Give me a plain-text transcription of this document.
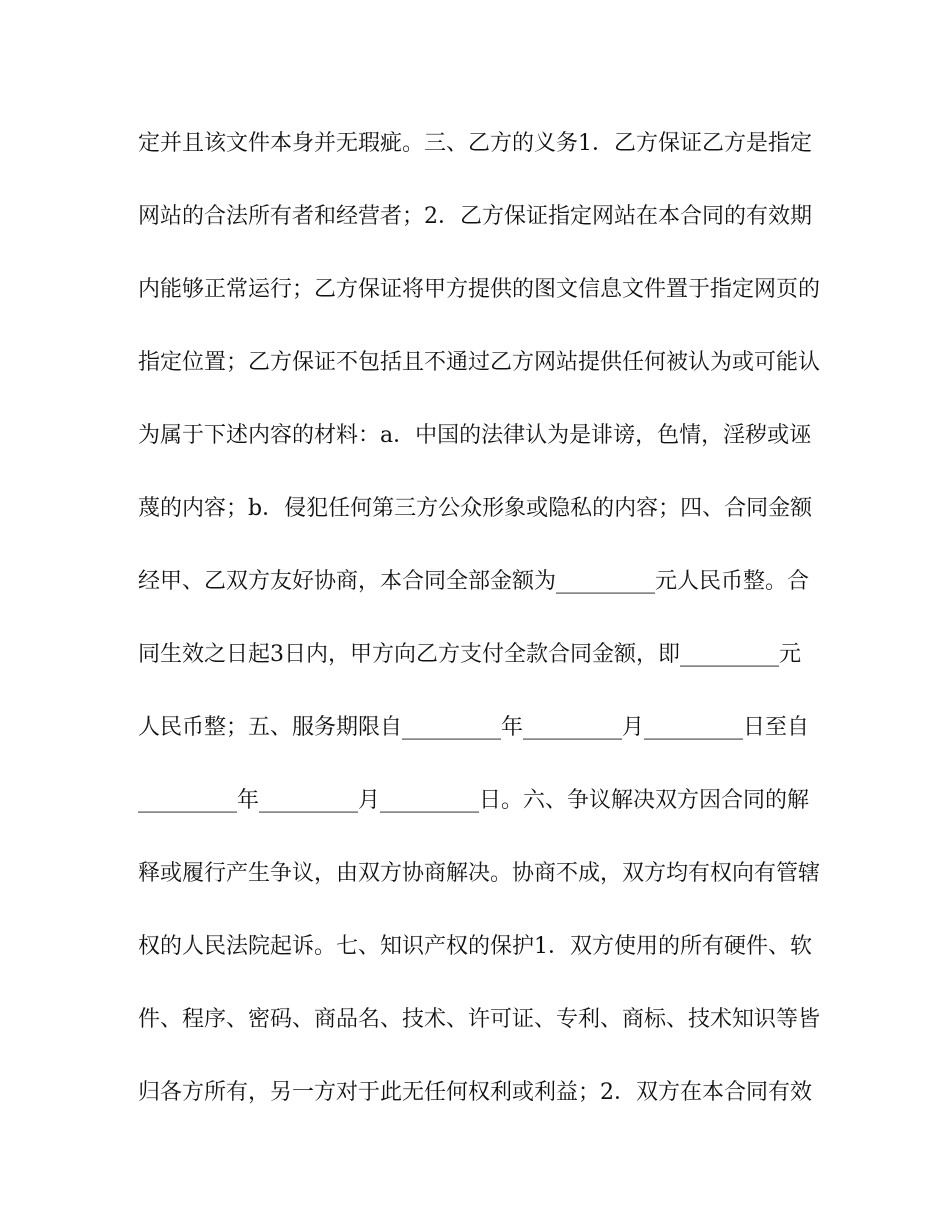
定并且该文件本身并无瑕疵。三、乙方的义务1．乙方保证乙方是指定
网站的合法所有者和经营者；2．乙方保证指定网站在本合同的有效期
内能够正常运行；乙方保证将甲方提供的图文信息文件置于指定网页的
指定位置；乙方保证不包括且不通过乙方网站提供任何被认为或可能认
为属于下述内容的材料：a．中国的法律认为是诽谤，色情，淫秽或诬
蔑的内容；b．侵犯任何第三方公众形象或隐私的内容；四、合同金额
经甲、乙双方友好协商，本合同全部金额为_________元人民币整。合
同生效之日起3日内，甲方向乙方支付全款合同金额，即_________元
人民币整；五、服务期限自_________年_________月_________日至自
_________年_________月_________日。六、争议解决双方因合同的解
释或履行产生争议，由双方协商解决。协商不成，双方均有权向有管辖
权的人民法院起诉。七、知识产权的保护1．双方使用的所有硬件、软
件、程序、密码、商品名、技术、许可证、专利、商标、技术知识等皆
归各方所有，另一方对于此无任何权利或利益；2．双方在本合同有效
